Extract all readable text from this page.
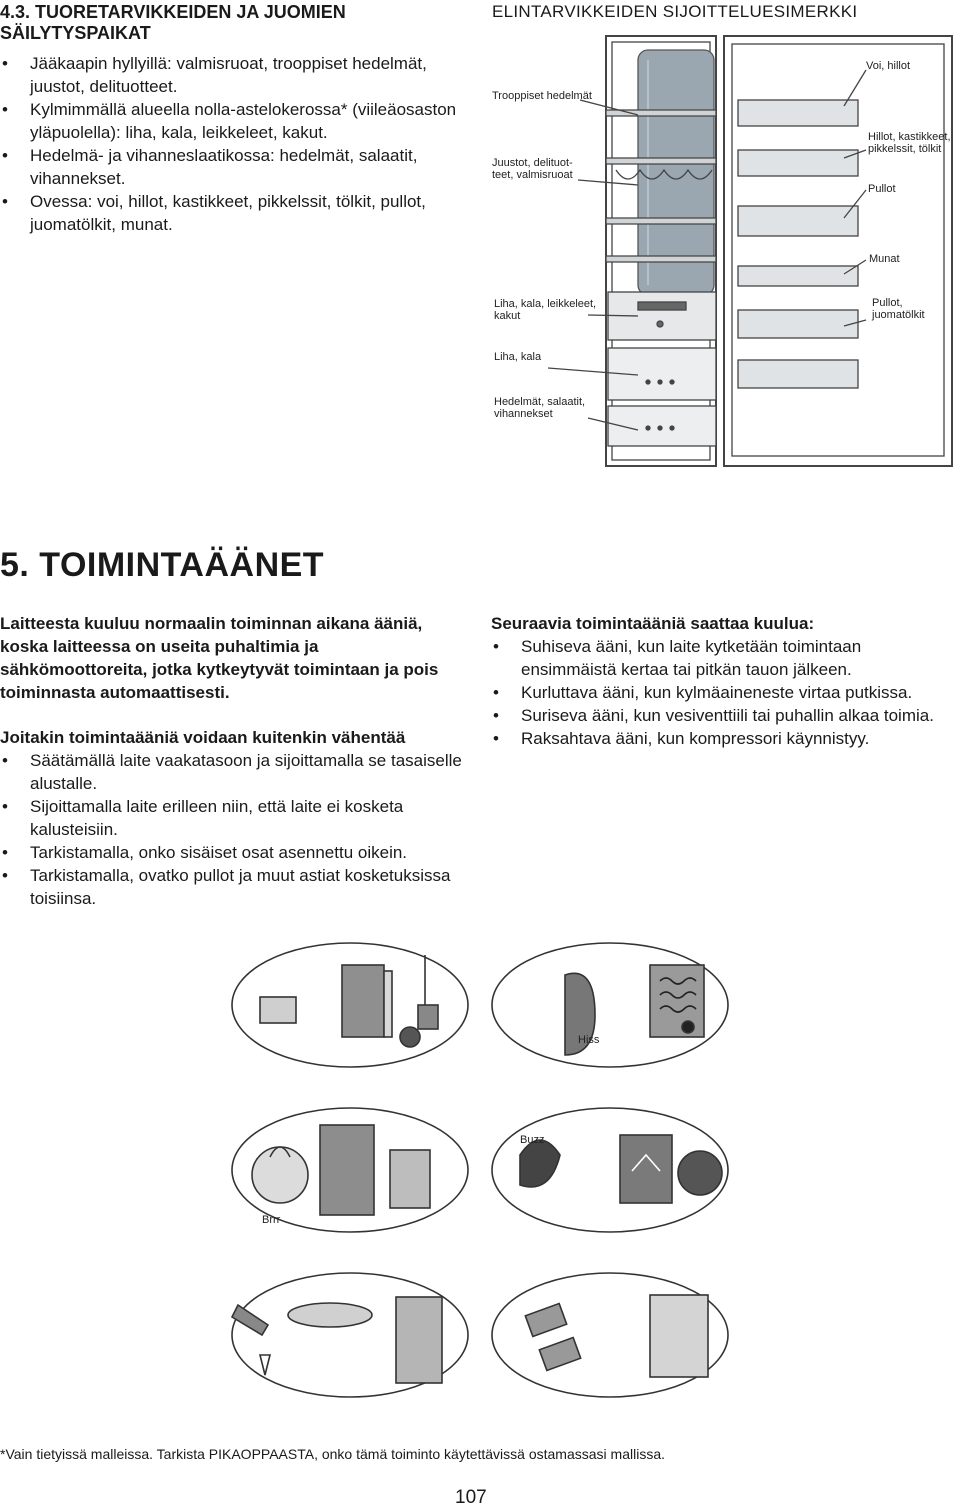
4.3. TUORETARVIKKEIDEN JA JUOMIEN SÄILYTYSPAIKAT
• Jääkaapin hyllyillä: valmisruoat, trooppiset hedelmät, juustot, delituotteet.
• Kylmimmällä alueella nolla-astelokerossa* (viileäosaston yläpuolella): liha, kala, leikkeleet, kakut.
• Hedelmä- ja vihanneslaatikossa: hedelmät, salaatit, vihannekset.
• Ovessa: voi, hillot, kastikkeet, pikkelssit, tölkit, pullot, juomatölkit, munat.
ELINTARVIKKEIDEN SIJOITTELUESIMERKKI
Trooppiset hedelmät
Juustot, delituot-
teet, valmisruoat
Voi, hillot
Hillot, kastikkeet,
pikkelssit, tölkit
Pullot
Munat
Liha, kala, leikkeleet,
kakut
Pullot,
juomatölkit
Liha, kala
Hedelmät, salaatit,
vihannekset
5. TOIMINTAÄÄNET
Laitteesta kuuluu normaalin toiminnan aikana ääniä, koska laitteessa on useita puhaltimia ja sähkömoottoreita, jotka kytkeytyvät toimintaan ja pois toiminnasta automaattisesti.
Joitakin toimintaääniä voidaan kuitenkin vähentää
• Säätämällä laite vaakatasoon ja sijoittamalla se tasaiselle alustalle.
• Sijoittamalla laite erilleen niin, että laite ei kosketa kalusteisiin.
• Tarkistamalla, onko sisäiset osat asennettu oikein.
• Tarkistamalla, ovatko pullot ja muut astiat kosketuksissa toisiinsa.
Seuraavia toimintaääniä saattaa kuulua:
• Suhiseva ääni, kun laite kytketään toimintaan ensimmäistä kertaa tai pitkän tauon jälkeen.
• Kurluttava ääni, kun kylmäaineneste virtaa putkissa.
• Suriseva ääni, kun vesiventtiili tai puhallin alkaa toimia.
• Raksahtava ääni, kun kompressori käynnistyy.
Hiss
Brrr
Buzz
*Vain tietyissä malleissa. Tarkista PIKAOPPAASTA, onko tämä toiminto käytettävissä ostamassasi mallissa.
107
